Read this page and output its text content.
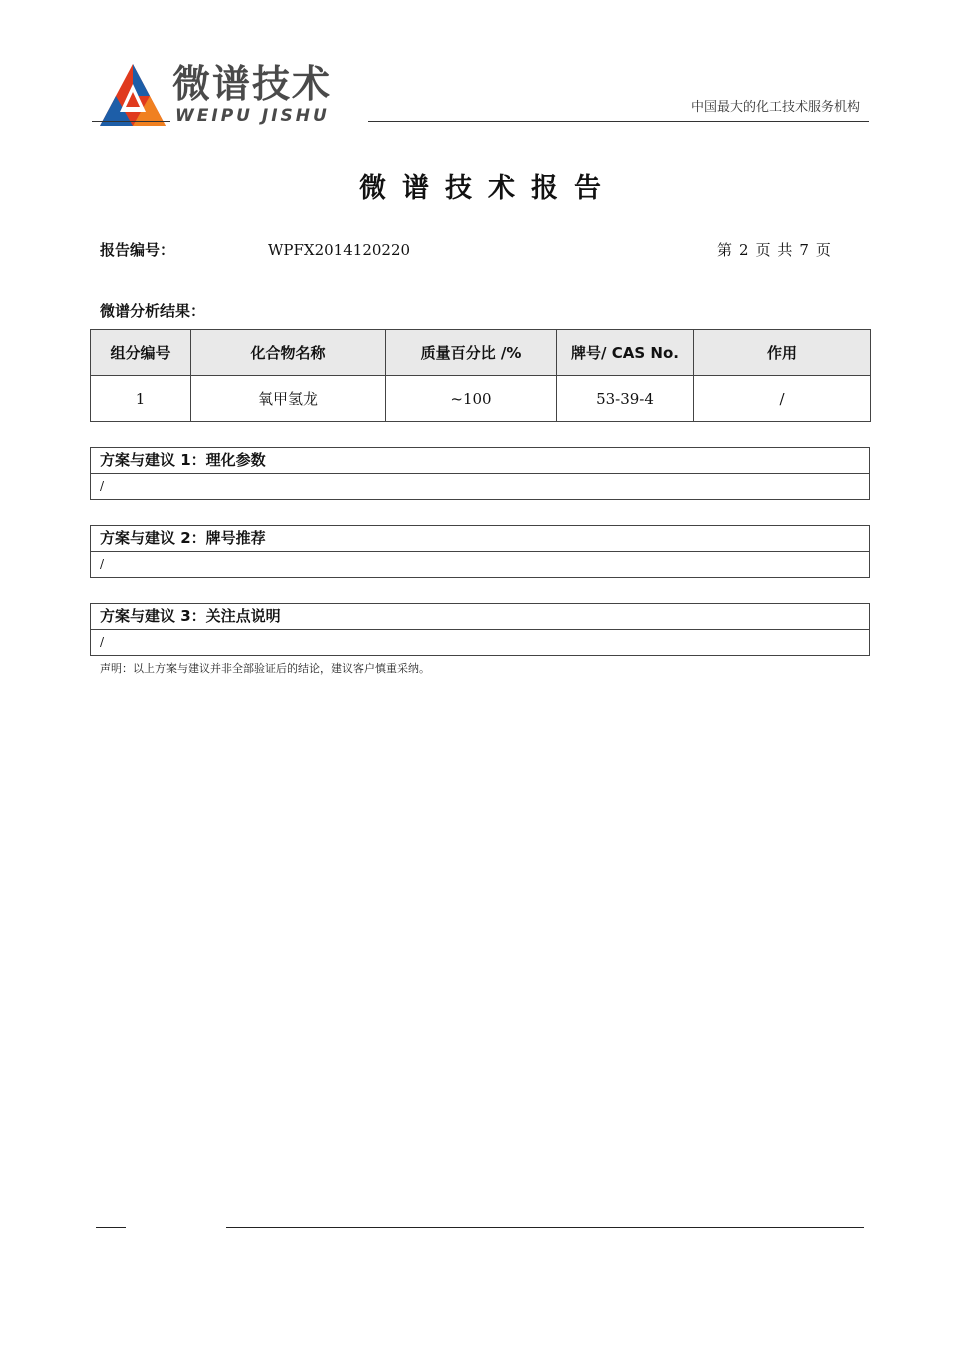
微谱技术
WEIPU JISHU	中国最大的化工技术服务机构
微谱技术报告
报告编号：	WPFX2014120220	第 2 页 共 7 页
微谱分析结果：
组分编号	化合物名称	质量百分比 /%	牌号/ CAS No.	作用
1	氧甲氢龙	~100	53-39-4	/
方案与建议 1：理化参数
/
方案与建议 2：牌号推荐
/
方案与建议 3：关注点说明
/
声明：以上方案与建议并非全部验证后的结论，建议客户慎重采纳。
